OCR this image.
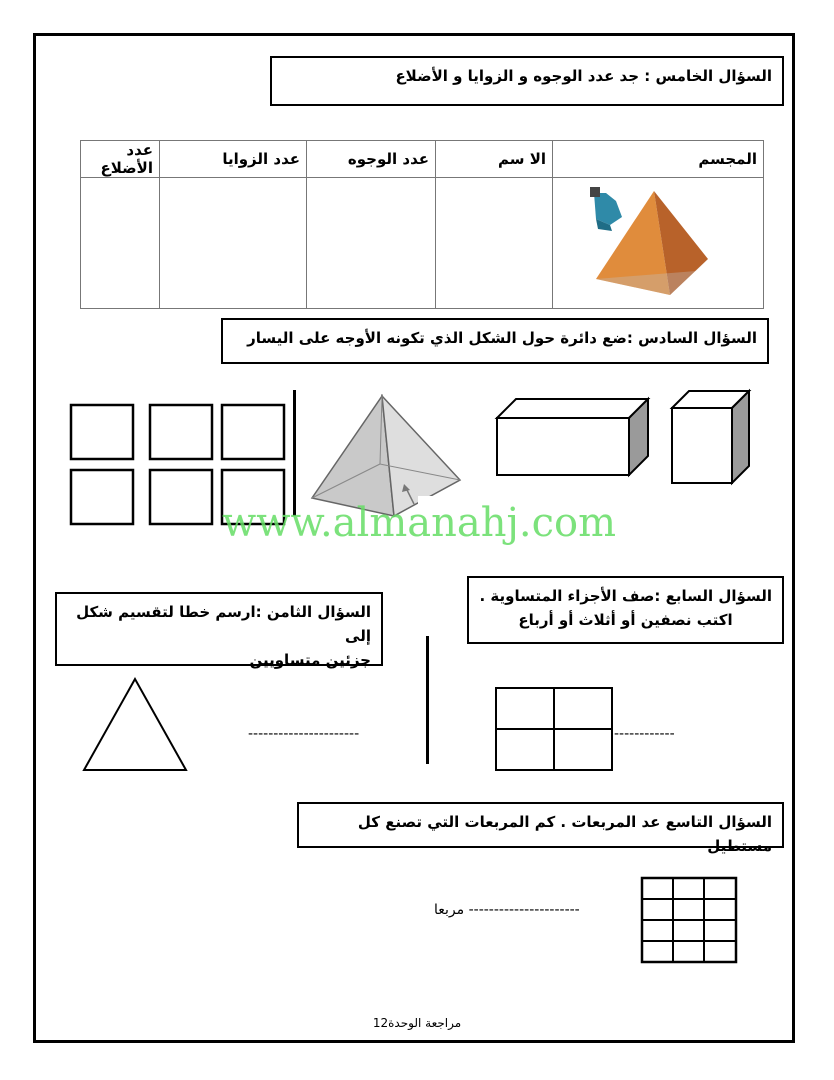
السؤال الخامس : جد عدد الوجوه و الزوايا و الأضلاع
المجسم	الا سم	عدد الوجوه	عدد الزوايا	عدد الأضلاع

السؤال السادس :ضع دائرة حول الشكل الذي تكونه الأوجه على اليسار
www.almanahj.com
السؤال الثامن :ارسم خطا لتقسيم شكل إلى
جزئين متساويين
السؤال السابع :صف الأجزاء المتساوية .
اكتب نصفين أو أثلاث أو أرباع
----------------------	------------
السؤال التاسع عد المربعات . كم المربعات التي تصنع كل مستطيل
مربعا ----------------------
مراجعة الوحدة12
